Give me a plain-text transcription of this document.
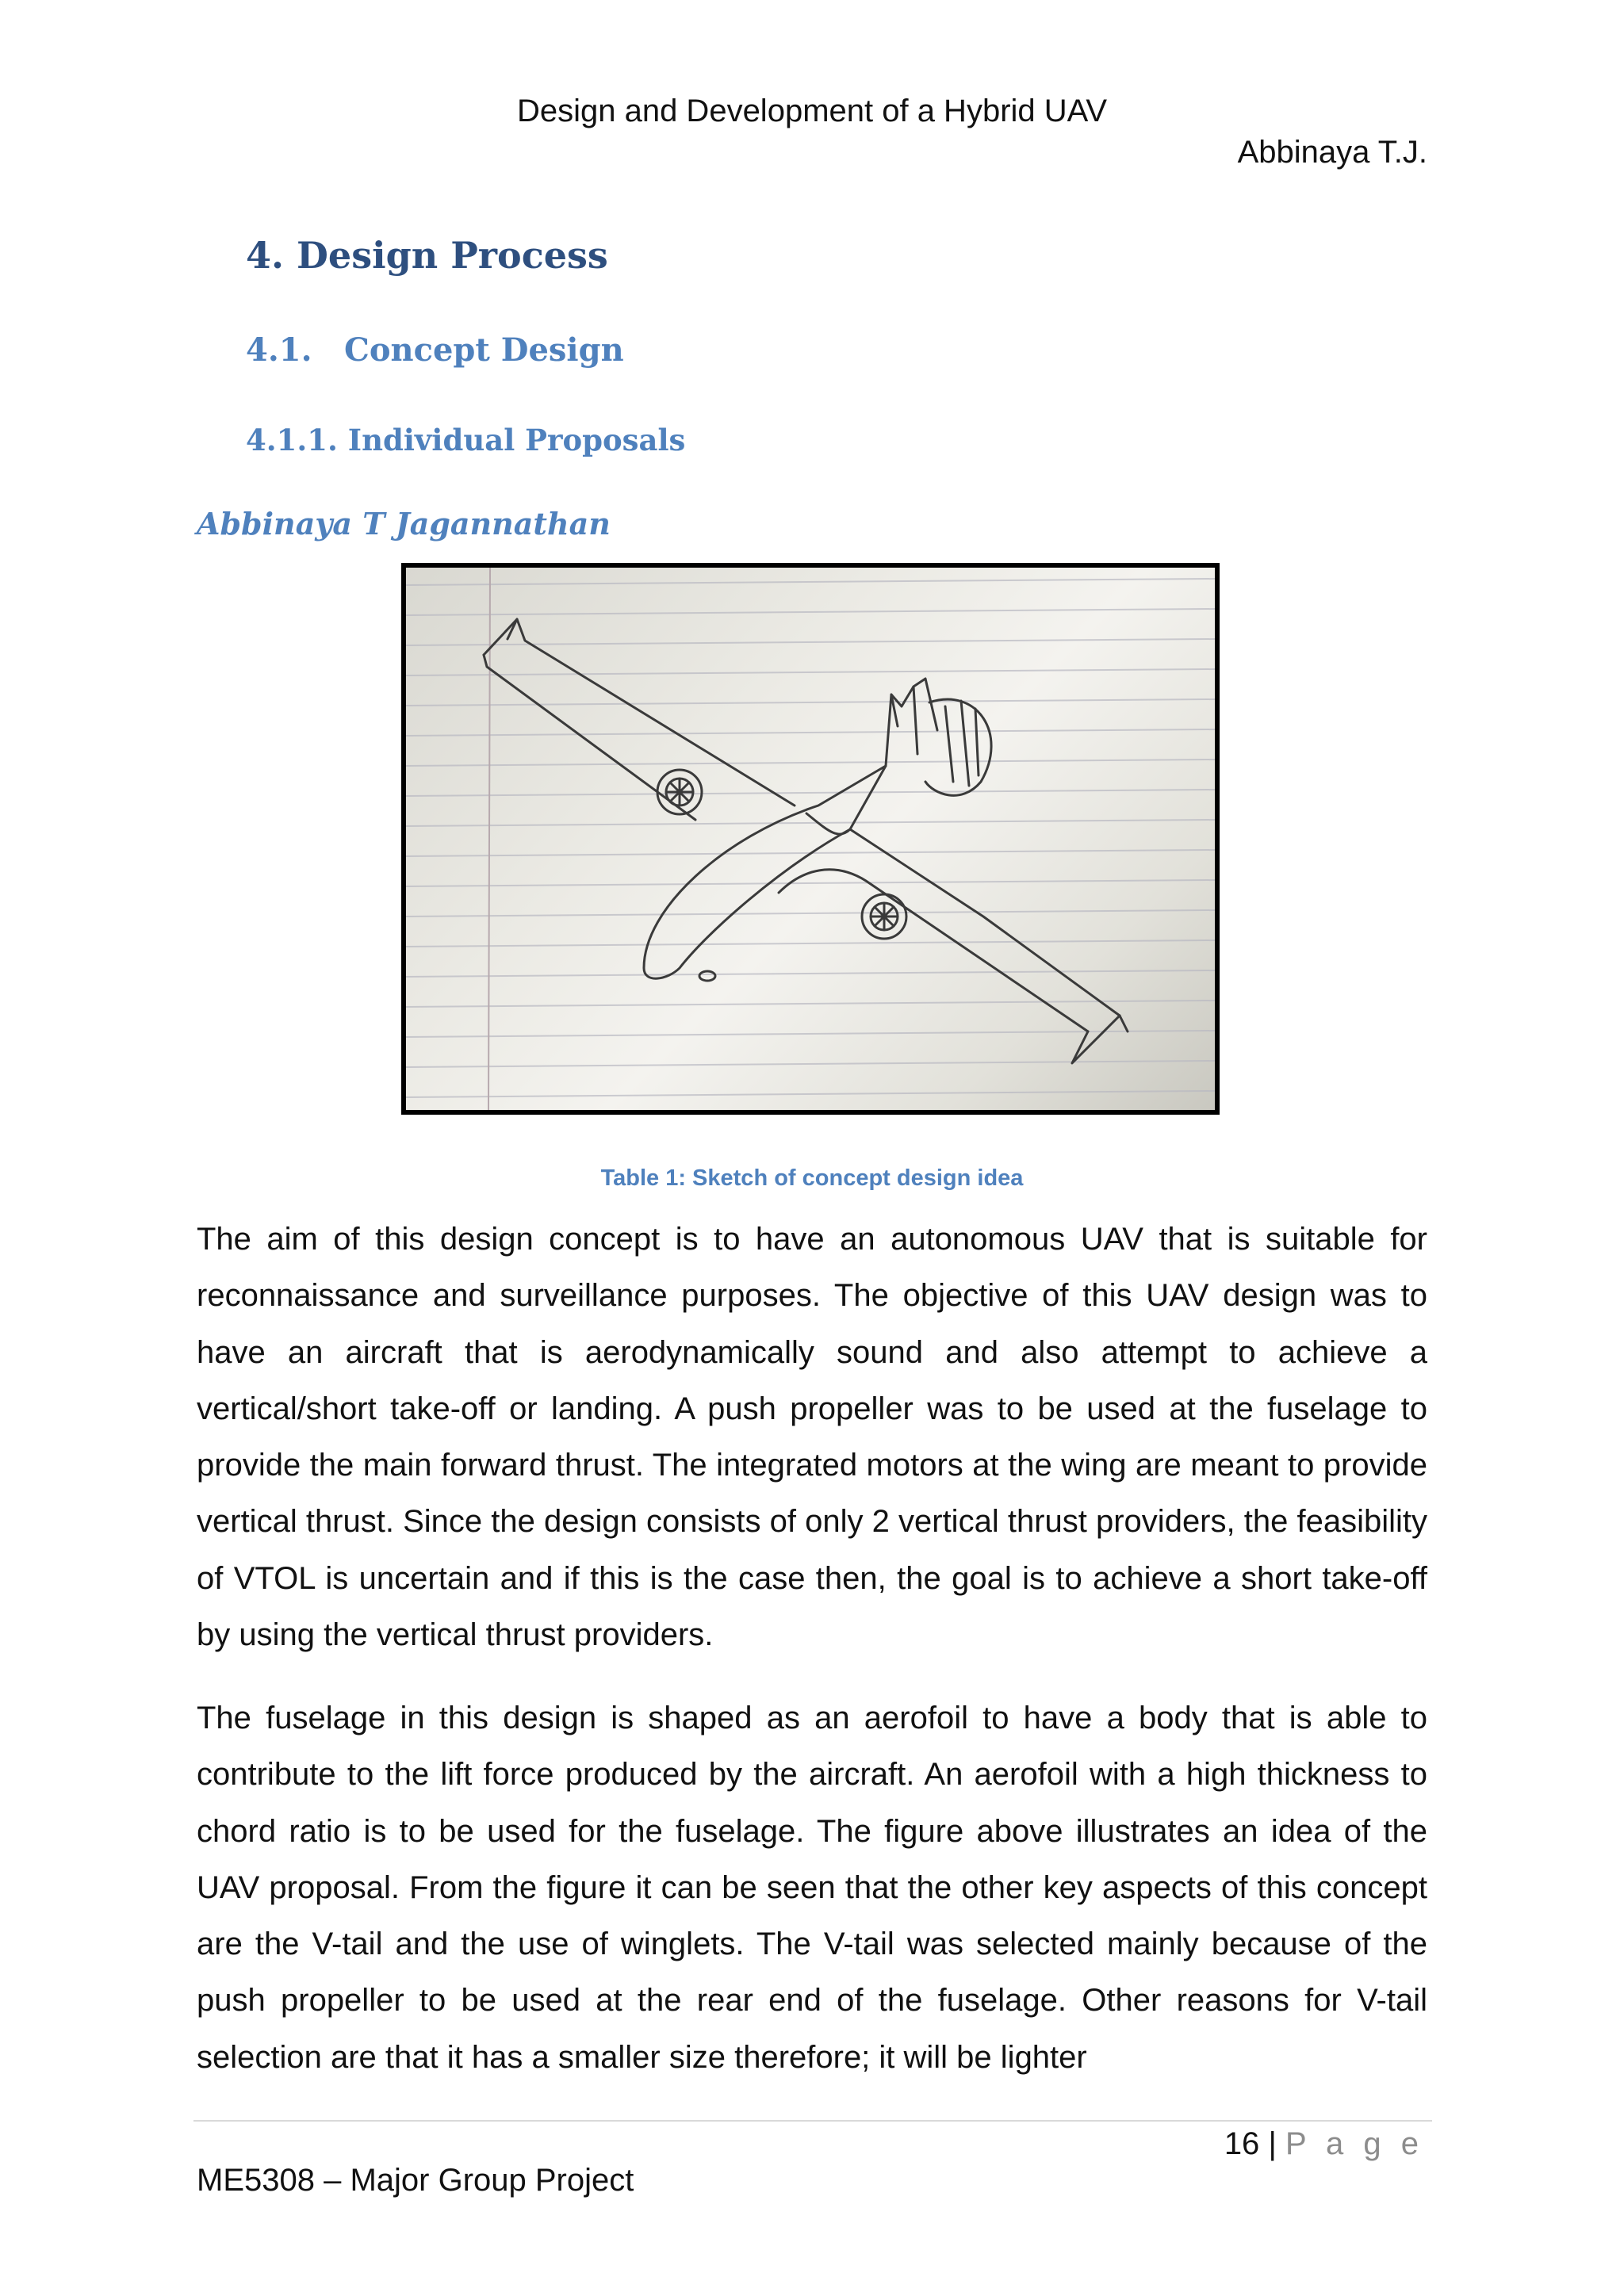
Design and Development of a Hybrid UAV
Abbinaya T.J.
4. Design Process
4.1. Concept Design
4.1.1. Individual Proposals
Abbinaya T Jagannathan
Table 1: Sketch of concept design idea
The aim of this design concept is to have an autonomous UAV that is suitable for reconnaissance and surveillance purposes. The objective of this UAV design was to have an aircraft that is aerodynamically sound and also attempt to achieve a vertical/short take-off or landing. A push propeller was to be used at the fuselage to provide the main forward thrust. The integrated motors at the wing are meant to provide vertical thrust. Since the design consists of only 2 vertical thrust providers, the feasibility of VTOL is uncertain and if this is the case then, the goal is to achieve a short take-off by using the vertical thrust providers.
The fuselage in this design is shaped as an aerofoil to have a body that is able to contribute to the lift force produced by the aircraft. An aerofoil with a high thickness to chord ratio is to be used for the fuselage. The figure above illustrates an idea of the UAV proposal. From the figure it can be seen that the other key aspects of this concept are the V-tail and the use of winglets. The V-tail was selected mainly because of the push propeller to be used at the rear end of the fuselage. Other reasons for V-tail selection are that it has a smaller size therefore; it will be lighter
16 | P a g e
ME5308 – Major Group Project
